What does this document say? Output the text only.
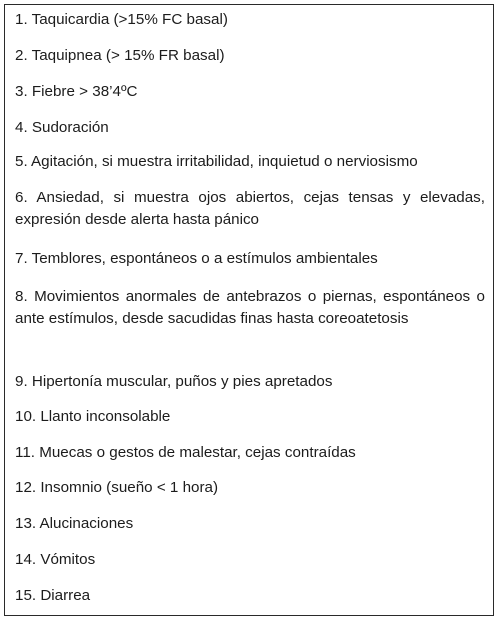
1. Taquicardia (>15% FC basal)
2. Taquipnea (> 15% FR basal)
3. Fiebre > 38’4ºC
4. Sudoración
5. Agitación, si muestra irritabilidad, inquietud o nerviosismo
6. Ansiedad, si muestra ojos abiertos, cejas tensas y elevadas, expresión desde alerta hasta pánico
7. Temblores, espontáneos o a estímulos ambientales
8. Movimientos anormales de antebrazos o piernas, espontáneos o ante estímulos, desde sacudidas finas hasta coreoatetosis
9. Hipertonía muscular, puños y pies apretados
10. Llanto inconsolable
11. Muecas o gestos de malestar, cejas contraídas
12. Insomnio (sueño < 1 hora)
13. Alucinaciones
14. Vómitos
15. Diarrea
